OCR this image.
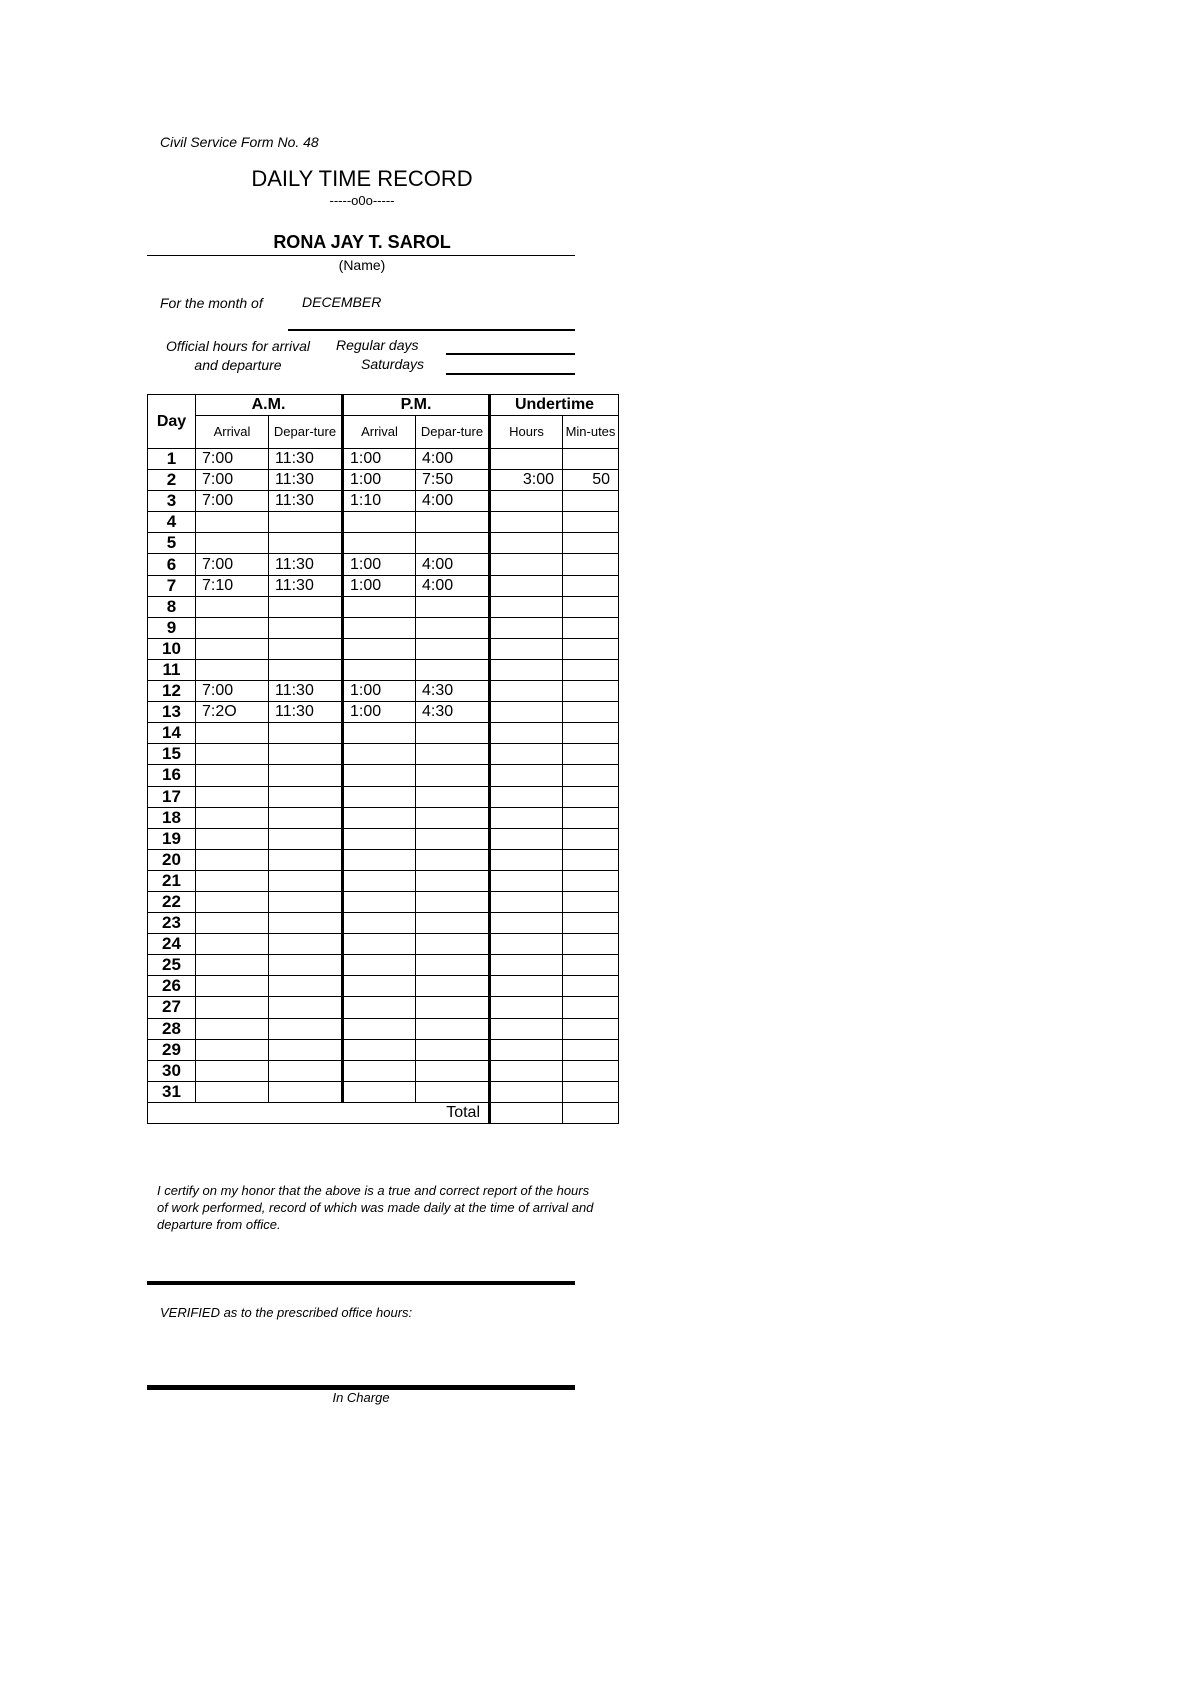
Civil Service Form No. 48
DAILY TIME RECORD
-----o0o-----
RONA JAY T. SAROL
(Name)
For the month of	DECEMBER
Official hours for arrival and departure
Regular days
Saturdays
Day	A.M.		P.M.		Undertime	
	Arrival	Depar-ture	Arrival	Depar-ture	Hours	Min-utes
1	7:00	11:30	1:00	4:00		
2	7:00	11:30	1:00	7:50	3:00	50
3	7:00	11:30	1:10	4:00		
4						
5						
6	7:00	11:30	1:00	4:00		
7	7:10	11:30	1:00	4:00		
8						
9						
10						
11						
12	7:00	11:30	1:00	4:30		
13	7:2O	11:30	1:00	4:30		
14						
15						
16						
17						
18						
19						
20						
21						
22						
23						
24						
25						
26						
27						
28						
29						
30						
31						
Total						
I certify on my honor that the above is a true and correct report of the hours of work performed, record of which was made daily at the time of arrival and departure from office.
VERIFIED as to the prescribed office hours:
In Charge
